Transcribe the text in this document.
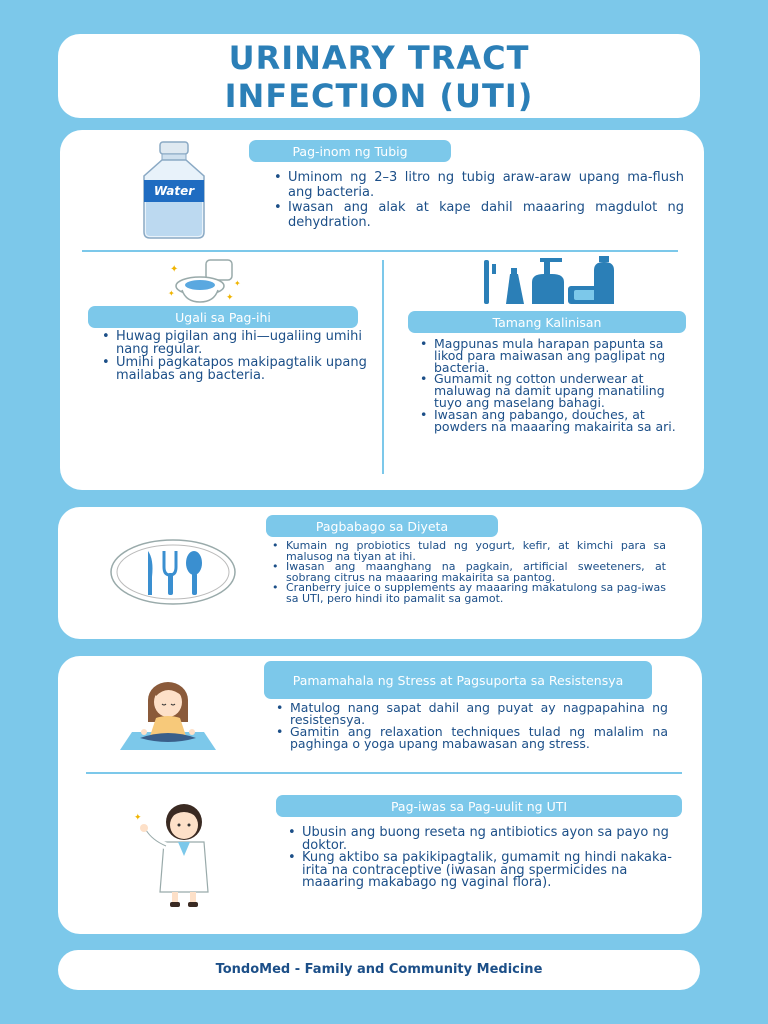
URINARY TRACT
INFECTION (UTI)
Water
Pag-inom ng Tubig
• Uminom ng 2–3 litro ng tubig araw-araw upang ma-flush ang bacteria.
• Iwasan ang alak at kape dahil maaaring magdulot ng dehydration.
✦
✦
✦
✦
Ugali sa Pag-ihi
• Huwag pigilan ang ihi—ugaliing umihi nang regular.
• Umihi pagkatapos makipagtalik upang mailabas ang bacteria.
Tamang Kalinisan
• Magpunas mula harapan papunta sa likod para maiwasan ang paglipat ng bacteria.
• Gumamit ng cotton underwear at maluwag na damit upang manatiling tuyo ang maselang bahagi.
• Iwasan ang pabango, douches, at powders na maaaring makairita sa ari.
Pagbabago sa Diyeta
• Kumain ng probiotics tulad ng yogurt, kefir, at kimchi para sa malusog na tiyan at ihi.
• Iwasan ang maanghang na pagkain, artificial sweeteners, at sobrang citrus na maaaring makairita sa pantog.
• Cranberry juice o supplements ay maaaring makatulong sa pag-iwas sa UTI, pero hindi ito pamalit sa gamot.
Pamamahala ng Stress at Pagsuporta sa Resistensya
• Matulog nang sapat dahil ang puyat ay nagpapahina ng resistensya.
• Gamitin ang relaxation techniques tulad ng malalim na paghinga o yoga upang mabawasan ang stress.
✦
Pag-iwas sa Pag-uulit ng UTI
• Ubusin ang buong reseta ng antibiotics ayon sa payo ng doktor.
• Kung aktibo sa pakikipagtalik, gumamit ng hindi nakaka-irita na contraceptive (iwasan ang spermicides na maaaring makabago ng vaginal flora).
TondoMed - Family and Community Medicine
